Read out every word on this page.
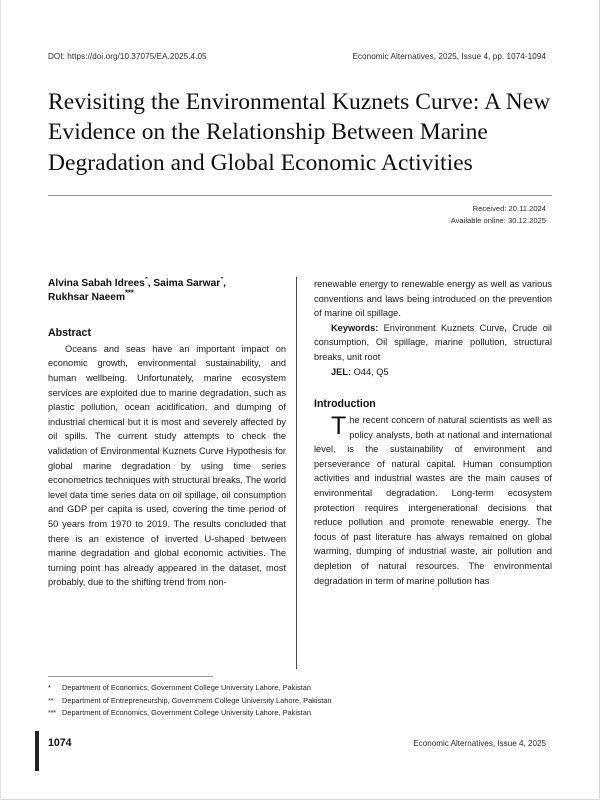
DOI: https://doi.org/10.37075/EA.2025.4.05	Economic Alternatives, 2025, Issue 4, pp. 1074-1094
Revisiting the Environmental Kuznets Curve: A New Evidence on the Relationship Between Marine Degradation and Global Economic Activities
Received: 20.11.2024
Available online: 30.12.2025
Alvina Sabah Idrees*, Saima Sarwar*,
Rukhsar Naeem***
Abstract

Oceans and seas have an important impact on economic growth, environmental sustainability, and human wellbeing. Unfortunately, marine ecosystem services are exploited due to marine degradation, such as plastic pollution, ocean acidification, and dumping of industrial chemical but it is most and severely affected by oil spills. The current study attempts to check the validation of Environmental Kuznets Curve Hypothesis for global marine degradation by using time series econometrics techniques with structural breaks. The world level data time series data on oil spillage, oil consumption and GDP per capita is used, covering the time period of 50 years from 1970 to 2019. The results concluded that there is an existence of inverted U-shaped between marine degradation and global economic activities. The turning point has already appeared in the dataset, most probably, due to the shifting trend from non-

renewable energy to renewable energy as well as various conventions and laws being introduced on the prevention of marine oil spillage.

Keywords: Environment Kuznets Curve, Crude oil consumption, Oil spillage, marine pollution, structural breaks, unit root

JEL: O44, Q5

Introduction

The recent concern of natural scientists as well as policy analysts, both at national and international level, is the sustainability of environment and perseverance of natural capital. Human consumption activities and industrial wastes are the main causes of environmental degradation. Long-term ecosystem protection requires intergenerational decisions that reduce pollution and promote renewable energy. The focus of past literature has always remained on global warming, dumping of industrial waste, air pollution and depletion of natural resources. The environmental degradation in term of marine pollution has

* Department of Economics, Government College University Lahore, Pakistan
** Department of Entrepreneurship, Government College University Lahore, Pakistan
*** Department of Economics, Government College University Lahore, Pakistan
1074	Economic Alternatives, Issue 4, 2025
